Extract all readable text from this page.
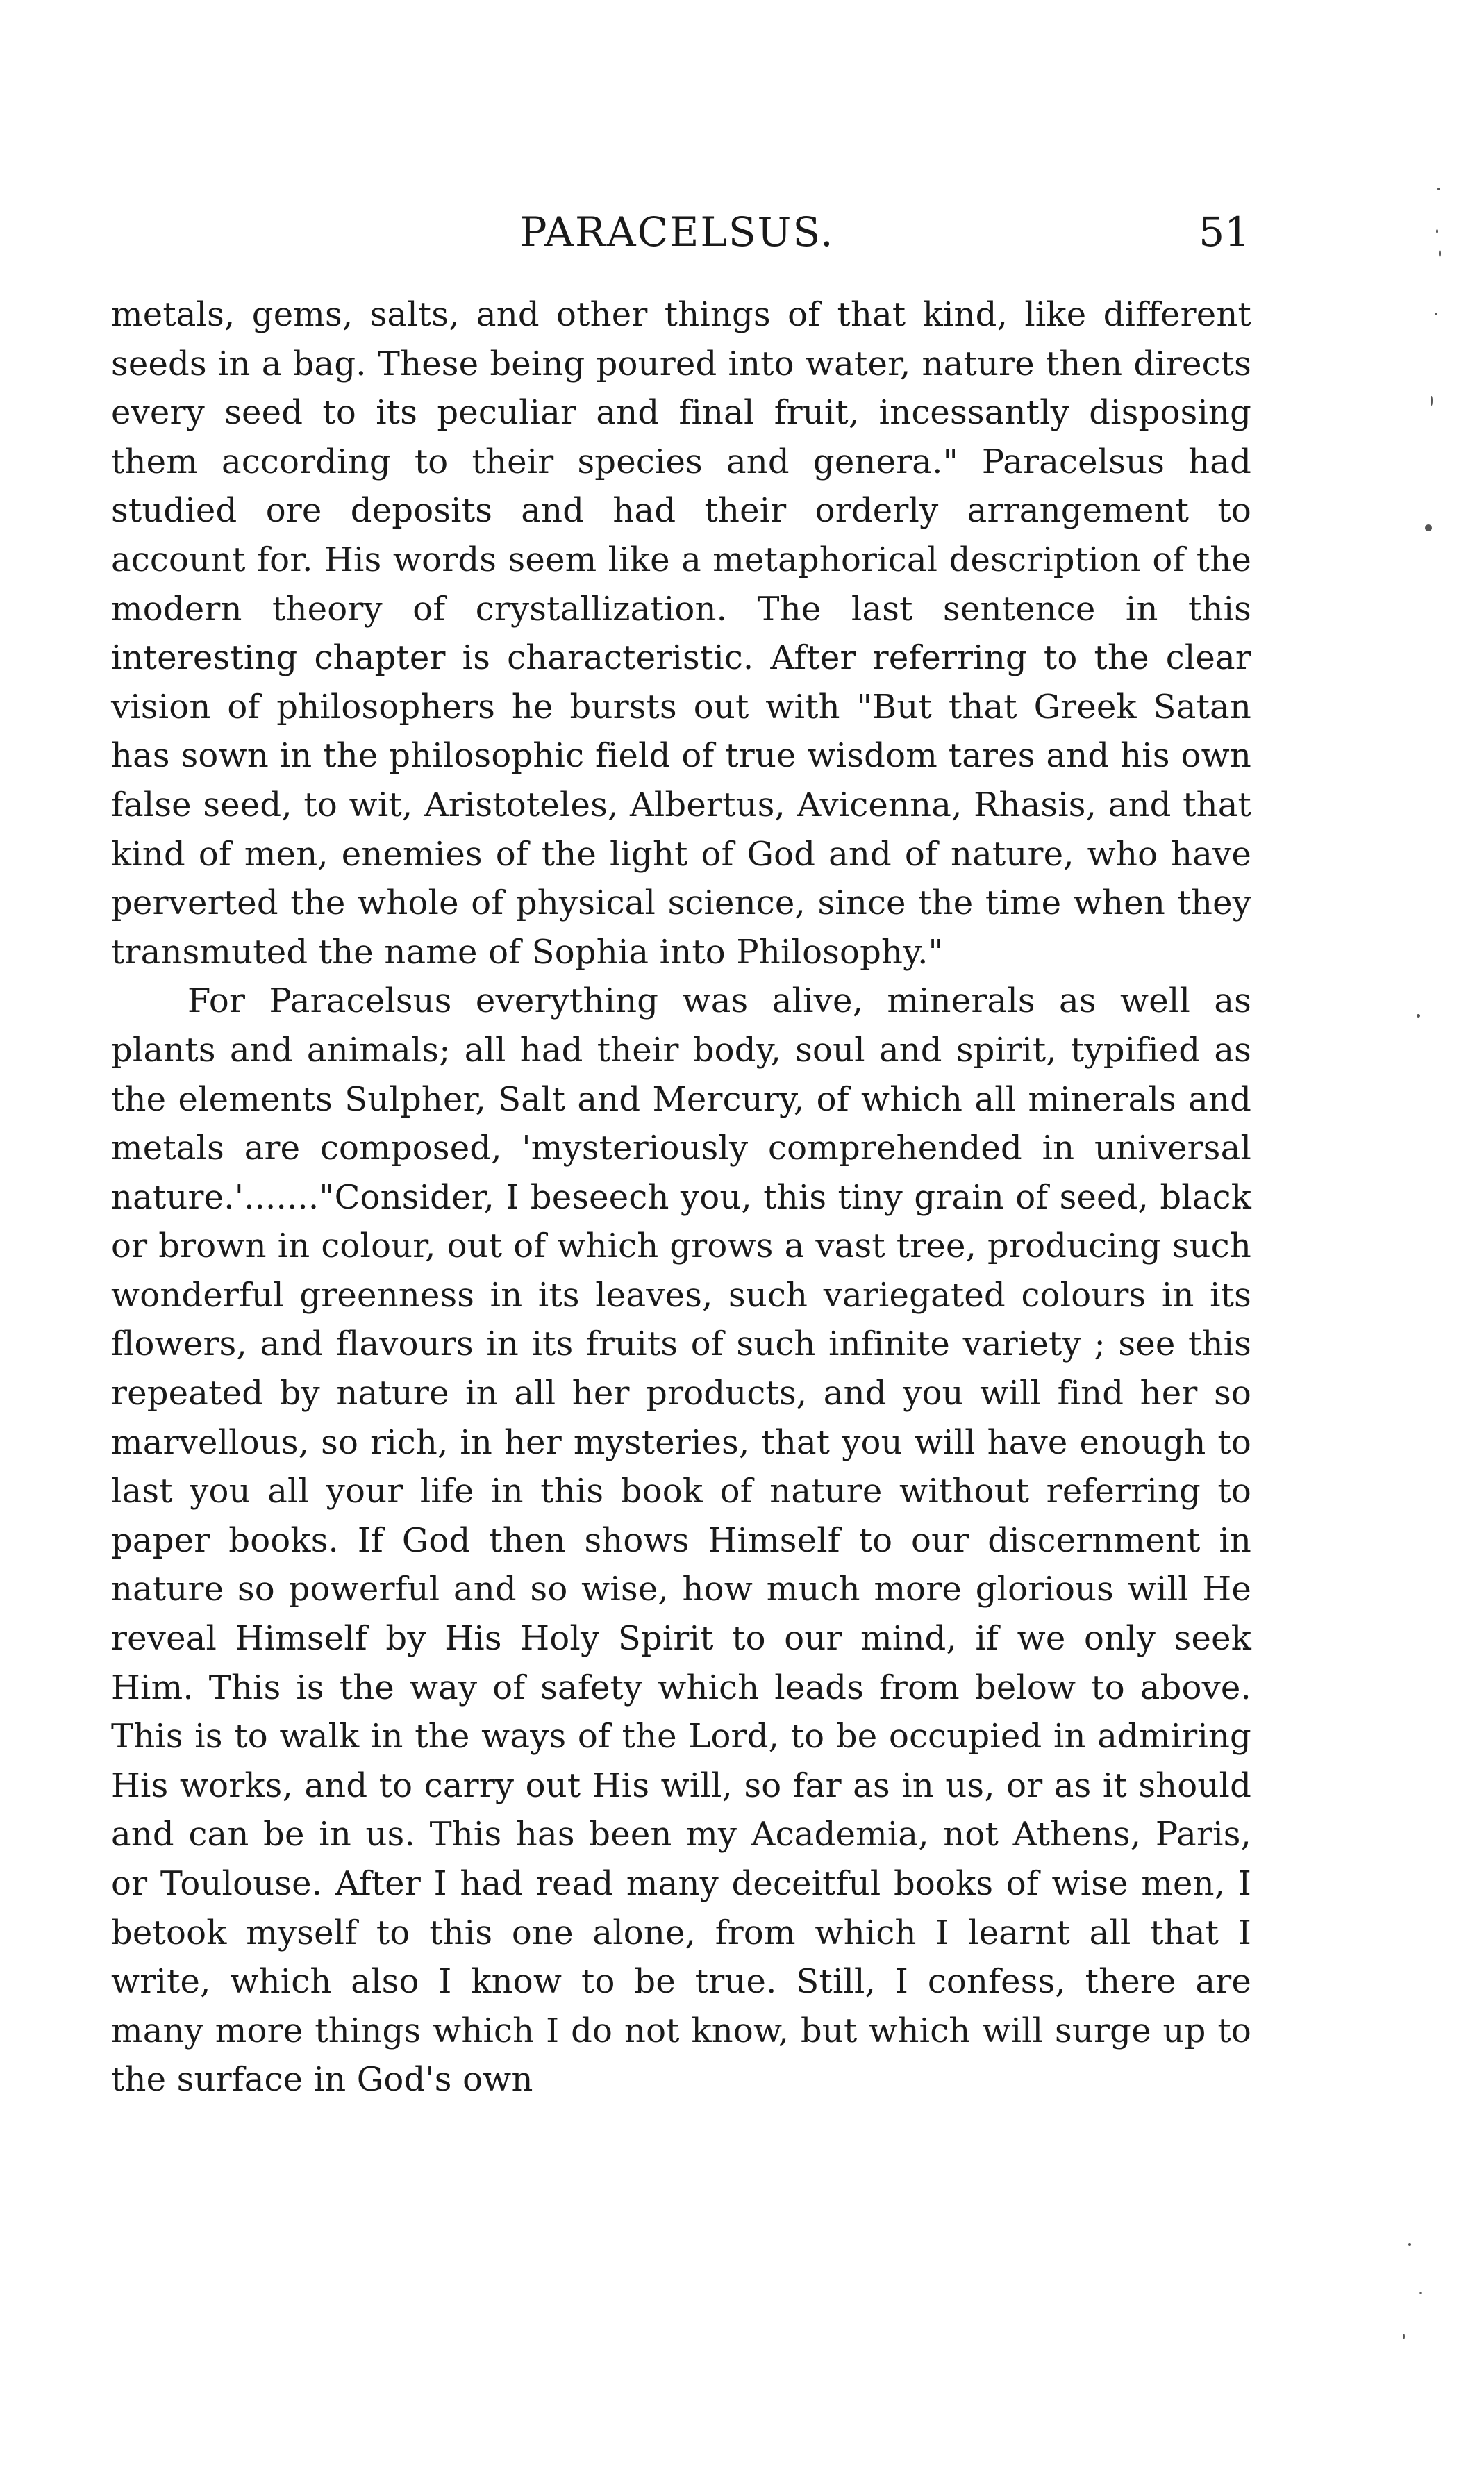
PARACELSUS.	51

metals, gems, salts, and other things of that kind, like different seeds in a bag. These being poured into water, nature then directs every seed to its peculiar and final fruit, incessantly disposing them according to their species and genera." Paracelsus had studied ore deposits and had their orderly arrangement to account for. His words seem like a metaphorical description of the modern theory of crystallization. The last sentence in this interesting chapter is characteristic. After referring to the clear vision of philosophers he bursts out with "But that Greek Satan has sown in the philosophic field of true wisdom tares and his own false seed, to wit, Aristoteles, Albertus, Avicenna, Rhasis, and that kind of men, enemies of the light of God and of nature, who have perverted the whole of physical science, since the time when they transmuted the name of Sophia into Philosophy."

For Paracelsus everything was alive, minerals as well as plants and animals; all had their body, soul and spirit, typified as the elements Sulpher, Salt and Mercury, of which all minerals and metals are composed, 'mysteriously comprehended in universal nature.'......."Consider, I beseech you, this tiny grain of seed, black or brown in colour, out of which grows a vast tree, producing such wonderful greenness in its leaves, such variegated colours in its flowers, and flavours in its fruits of such infinite variety ; see this repeated by nature in all her products, and you will find her so marvellous, so rich, in her mysteries, that you will have enough to last you all your life in this book of nature without referring to paper books. If God then shows Himself to our discernment in nature so powerful and so wise, how much more glorious will He reveal Himself by His Holy Spirit to our mind, if we only seek Him. This is the way of safety which leads from below to above. This is to walk in the ways of the Lord, to be occupied in admiring His works, and to carry out His will, so far as in us, or as it should and can be in us. This has been my Academia, not Athens, Paris, or Toulouse. After I had read many deceitful books of wise men, I betook myself to this one alone, from which I learnt all that I write, which also I know to be true. Still, I confess, there are many more things which I do not know, but which will surge up to the surface in God's own
